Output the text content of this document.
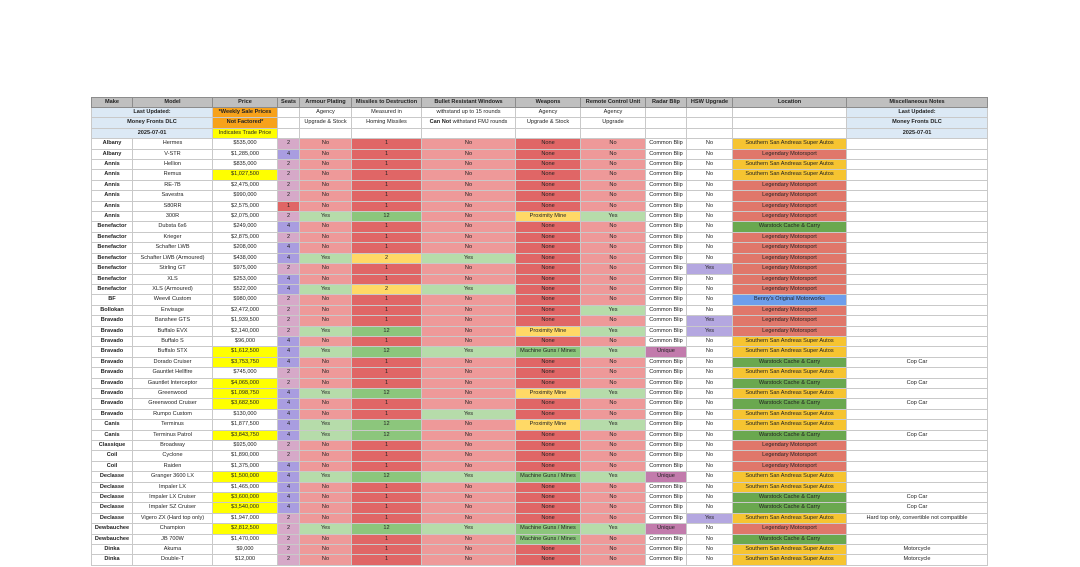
Make	Model	Price	Seats	Armour Plating	Missiles to Destruction	Bullet Resistant Windows	Weapons	Remote Control Unit	Radar Blip	HSW Upgrade	Location	Miscellaneous Notes
Last Updated:		*Weekly Sale Prices		Agency	Measured in	withstand up to 15 rounds	Agency	Agency				Last Updated:
Money Fronts DLC		Not Factored*		Upgrade & Stock	Homing Missiles	Can Not withstand FMJ rounds	Upgrade & Stock	Upgrade				Money Fronts DLC
2025-07-01		Indicates Trade Price										2025-07-01
Albany	Hermes	$535,000	2	No	1	No	None	No	Common Blip	No	Southern San Andreas Super Autos	
Albany	V-STR	$1,285,000	4	No	1	No	None	No	Common Blip	No	Legendary Motorsport	
Annis	Hellion	$835,000	2	No	1	No	None	No	Common Blip	No	Southern San Andreas Super Autos	
Annis	Remus	$1,027,500	2	No	1	No	None	No	Common Blip	No	Southern San Andreas Super Autos	
Annis	RE-7B	$2,475,000	2	No	1	No	None	No	Common Blip	No	Legendary Motorsport	
Annis	Savestra	$990,000	2	No	1	No	None	No	Common Blip	No	Legendary Motorsport	
Annis	S80RR	$2,575,000	1	No	1	No	None	No	Common Blip	No	Legendary Motorsport	
Annis	300R	$2,075,000	2	Yes	12	No	Proximity Mine	Yes	Common Blip	No	Legendary Motorsport	
Benefactor	Dubsta 6x6	$249,000	4	No	1	No	None	No	Common Blip	No	Warstock Cache & Carry	
Benefactor	Krieger	$2,875,000	2	No	1	No	None	No	Common Blip	No	Legendary Motorsport	
Benefactor	Schafter LWB	$208,000	4	No	1	No	None	No	Common Blip	No	Legendary Motorsport	
Benefactor	Schafter LWB (Armoured)	$438,000	4	Yes	2	Yes	None	No	Common Blip	No	Legendary Motorsport	
Benefactor	Stirling GT	$975,000	2	No	1	No	None	No	Common Blip	Yes	Legendary Motorsport	
Benefactor	XLS	$253,000	4	No	1	No	None	No	Common Blip	No	Legendary Motorsport	
Benefactor	XLS (Armoured)	$522,000	4	Yes	2	Yes	None	No	Common Blip	No	Legendary Motorsport	
BF	Weevil Custom	$980,000	2	No	1	No	None	No	Common Blip	No	Benny's Original Motorworks	
Bollokan	Envisage	$2,472,000	2	No	1	No	None	Yes	Common Blip	No	Legendary Motorsport	
Bravado	Banshee GTS	$1,939,500	2	No	1	No	None	No	Common Blip	Yes	Legendary Motorsport	
Bravado	Buffalo EVX	$2,140,000	2	Yes	12	No	Proximity Mine	Yes	Common Blip	Yes	Legendary Motorsport	
Bravado	Buffalo S	$96,000	4	No	1	No	None	No	Common Blip	No	Southern San Andreas Super Autos	
Bravado	Buffalo STX	$1,612,500	4	Yes	12	Yes	Machine Guns / Mines	Yes	Unique	No	Southern San Andreas Super Autos	
Bravado	Dorado Cruiser	$3,753,750	4	No	1	No	None	No	Common Blip	No	Warstock Cache & Carry	Cop Car
Bravado	Gauntlet Hellfire	$745,000	2	No	1	No	None	No	Common Blip	No	Southern San Andreas Super Autos	
Bravado	Gauntlet Interceptor	$4,065,000	2	No	1	No	None	No	Common Blip	No	Warstock Cache & Carry	Cop Car
Bravado	Greenwood	$1,098,750	4	Yes	12	No	Proximity Mine	Yes	Common Blip	No	Southern San Andreas Super Autos	
Bravado	Greenwood Cruiser	$3,682,500	4	No	1	No	None	No	Common Blip	No	Warstock Cache & Carry	Cop Car
Bravado	Rumpo Custom	$130,000	4	No	1	Yes	None	No	Common Blip	No	Southern San Andreas Super Autos	
Canis	Terminus	$1,877,500	4	Yes	12	No	Proximity Mine	Yes	Common Blip	No	Southern San Andreas Super Autos	
Canis	Terminus Patrol	$3,843,750	4	Yes	12	No	None	No	Common Blip	No	Warstock Cache & Carry	Cop Car
Classique	Broadway	$925,000	2	No	1	No	None	No	Common Blip	No	Legendary Motorsport	
Coil	Cyclone	$1,890,000	2	No	1	No	None	No	Common Blip	No	Legendary Motorsport	
Coil	Raiden	$1,375,000	4	No	1	No	None	No	Common Blip	No	Legendary Motorsport	
Declasse	Granger 3600 LX	$1,500,000	4	Yes	12	Yes	Machine Guns / Mines	Yes	Unique	No	Southern San Andreas Super Autos	
Declasse	Impaler LX	$1,465,000	4	No	1	No	None	No	Common Blip	No	Southern San Andreas Super Autos	
Declasse	Impaler LX Cruiser	$3,600,000	4	No	1	No	None	No	Common Blip	No	Warstock Cache & Carry	Cop Car
Declasse	Impaler SZ Cruiser	$3,540,000	4	No	1	No	None	No	Common Blip	No	Warstock Cache & Carry	Cop Car
Declasse	Vigero ZX (Hard top only)	$1,947,000	2	No	1	No	None	No	Common Blip	Yes	Southern San Andreas Super Autos	Hard top only, convertible not compatible
Dewbauchee	Champion	$2,812,500	2	Yes	12	Yes	Machine Guns / Mines	Yes	Unique	No	Legendary Motorsport	
Dewbauchee	JB 700W	$1,470,000	2	No	1	No	Machine Guns / Mines	No	Common Blip	No	Warstock Cache & Carry	
Dinka	Akuma	$9,000	2	No	1	No	None	No	Common Blip	No	Southern San Andreas Super Autos	Motorcycle
Dinka	Double-T	$12,000	2	No	1	No	None	No	Common Blip	No	Southern San Andreas Super Autos	Motorcycle
